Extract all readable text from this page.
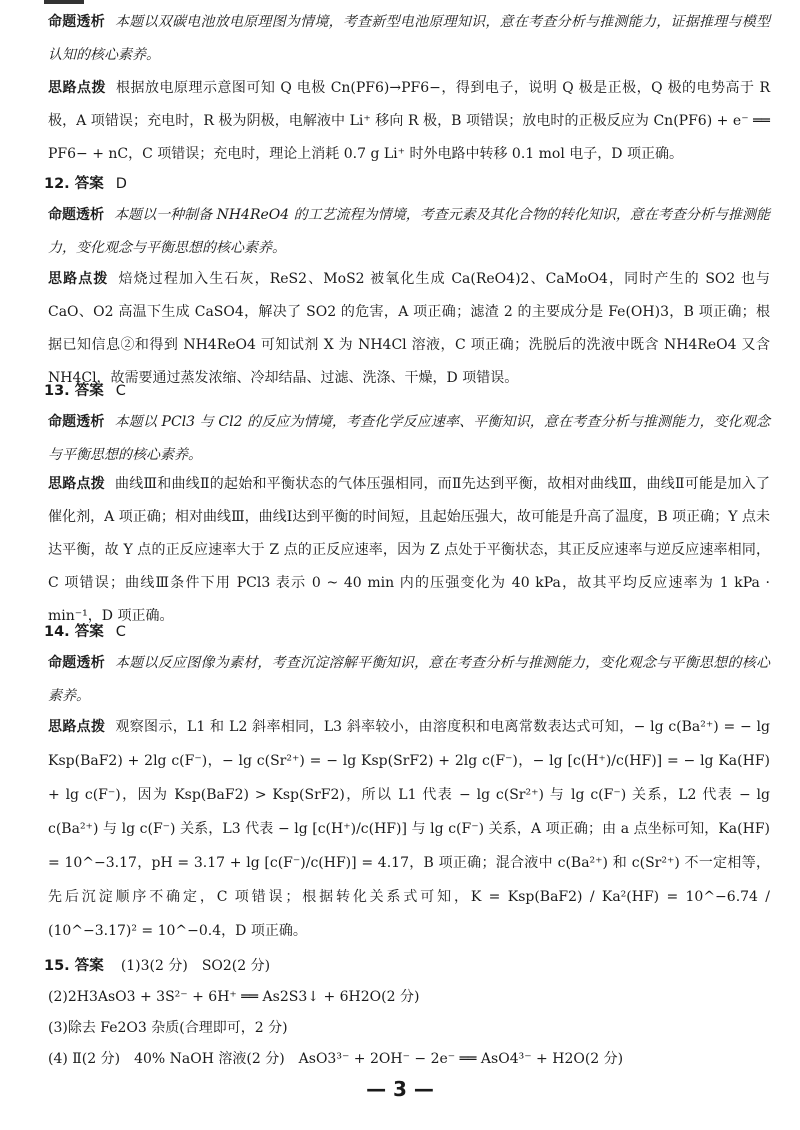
命题透析 本题以双碳电池放电原理图为情境，考查新型电池原理知识，意在考查分析与推测能力，证据推理与模型认知的核心素养。

思路点拨 根据放电原理示意图可知 Q 电极 Cn(PF6)→PF6−，得到电子，说明 Q 极是正极，Q 极的电势高于 R 极，A 项错误；充电时，R 极为阴极，电解液中 Li⁺ 移向 R 极，B 项错误；放电时的正极反应为 Cn(PF6) + e⁻ ══ PF6− + nC，C 项错误；充电时，理论上消耗 0.7 g Li⁺ 时外电路中转移 0.1 mol 电子，D 项正确。

12. 答案 D

命题透析 本题以一种制备 NH4ReO4 的工艺流程为情境，考查元素及其化合物的转化知识，意在考查分析与推测能力，变化观念与平衡思想的核心素养。

思路点拨 焙烧过程加入生石灰，ReS2、MoS2 被氧化生成 Ca(ReO4)2、CaMoO4，同时产生的 SO2 也与 CaO、O2 高温下生成 CaSO4，解决了 SO2 的危害，A 项正确；滤渣 2 的主要成分是 Fe(OH)3，B 项正确；根据已知信息②和得到 NH4ReO4 可知试剂 X 为 NH4Cl 溶液，C 项正确；洗脱后的洗液中既含 NH4ReO4 又含 NH4Cl，故需要通过蒸发浓缩、冷却结晶、过滤、洗涤、干燥，D 项错误。

13. 答案 C

命题透析 本题以 PCl3 与 Cl2 的反应为情境，考查化学反应速率、平衡知识，意在考查分析与推测能力，变化观念与平衡思想的核心素养。

思路点拨 曲线Ⅲ和曲线Ⅱ的起始和平衡状态的气体压强相同，而Ⅱ先达到平衡，故相对曲线Ⅲ，曲线Ⅱ可能是加入了催化剂，A 项正确；相对曲线Ⅲ，曲线Ⅰ达到平衡的时间短，且起始压强大，故可能是升高了温度，B 项正确；Y 点未达平衡，故 Y 点的正反应速率大于 Z 点的正反应速率，因为 Z 点处于平衡状态，其正反应速率与逆反应速率相同，C 项错误；曲线Ⅲ条件下用 PCl3 表示 0 ~ 40 min 内的压强变化为 40 kPa，故其平均反应速率为 1 kPa · min⁻¹，D 项正确。

14. 答案 C

命题透析 本题以反应图像为素材，考查沉淀溶解平衡知识，意在考查分析与推测能力，变化观念与平衡思想的核心素养。

思路点拨 观察图示，L1 和 L2 斜率相同，L3 斜率较小，由溶度积和电离常数表达式可知，− lg c(Ba²⁺) = − lg Ksp(BaF2) + 2lg c(F⁻)，− lg c(Sr²⁺) = − lg Ksp(SrF2) + 2lg c(F⁻)，− lg [c(H⁺)/c(HF)] = − lg Ka(HF) + lg c(F⁻)，因为 Ksp(BaF2) > Ksp(SrF2)，所以 L1 代表 − lg c(Sr²⁺) 与 lg c(F⁻) 关系，L2 代表 − lg c(Ba²⁺) 与 lg c(F⁻) 关系，L3 代表 − lg [c(H⁺)/c(HF)] 与 lg c(F⁻) 关系，A 项正确；由 a 点坐标可知，Ka(HF) = 10^−3.17，pH = 3.17 + lg [c(F⁻)/c(HF)] = 4.17，B 项正确；混合液中 c(Ba²⁺) 和 c(Sr²⁺) 不一定相等，先后沉淀顺序不确定，C 项错误；根据转化关系式可知，K = Ksp(BaF2) / Ka²(HF) = 10^−6.74 / (10^−3.17)² = 10^−0.4，D 项正确。

15. 答案 (1)3(2 分)　SO2(2 分)
(2)2H3AsO3 + 3S²⁻ + 6H⁺ ══ As2S3↓ + 6H2O(2 分)
(3)除去 Fe2O3 杂质(合理即可，2 分)
(4) Ⅱ(2 分)　40% NaOH 溶液(2 分)　AsO3³⁻ + 2OH⁻ − 2e⁻ ══ AsO4³⁻ + H2O(2 分)
— 3 —
